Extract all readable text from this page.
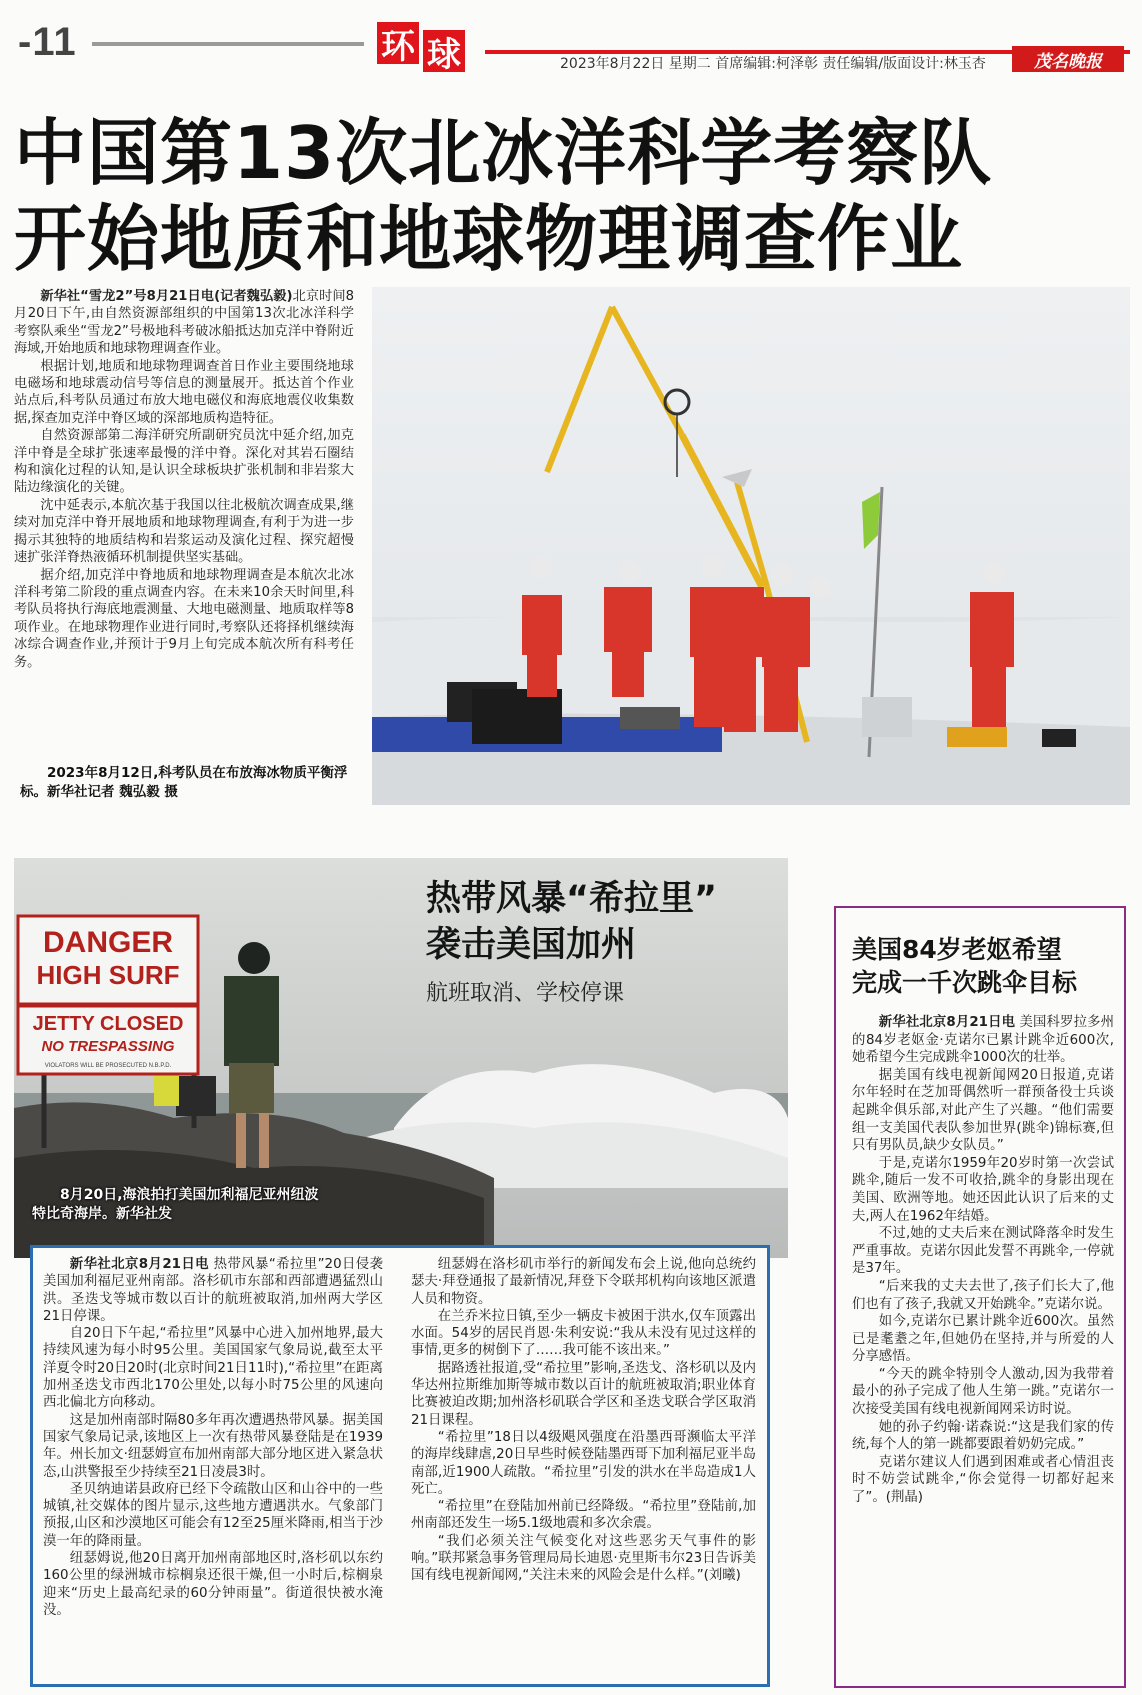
-11	环 球	2023年8月22日 星期二 首席编辑:柯泽彰 责任编辑/版面设计:林玉杏	茂名晚报
中国第13次北冰洋科学考察队
开始地质和地球物理调查作业

新华社“雪龙2”号8月21日电(记者魏弘毅)北京时间8月20日下午,由自然资源部组织的中国第13次北冰洋科学考察队乘坐“雪龙2”号极地科考破冰船抵达加克洋中脊附近海域,开始地质和地球物理调查作业。

根据计划,地质和地球物理调查首日作业主要围绕地球电磁场和地球震动信号等信息的测量展开。抵达首个作业站点后,科考队员通过布放大地电磁仪和海底地震仪收集数据,探查加克洋中脊区域的深部地质构造特征。

自然资源部第二海洋研究所副研究员沈中延介绍,加克洋中脊是全球扩张速率最慢的洋中脊。深化对其岩石圈结构和演化过程的认知,是认识全球板块扩张机制和非岩浆大陆边缘演化的关键。

沈中延表示,本航次基于我国以往北极航次调查成果,继续对加克洋中脊开展地质和地球物理调查,有利于为进一步揭示其独特的地质结构和岩浆运动及演化过程、探究超慢速扩张洋脊热液循环机制提供坚实基础。

据介绍,加克洋中脊地质和地球物理调查是本航次北冰洋科考第二阶段的重点调查内容。在未来10余天时间里,科考队员将执行海底地震测量、大地电磁测量、地质取样等8项作业。在地球物理作业进行同时,考察队还将择机继续海冰综合调查作业,并预计于9月上旬完成本航次所有科考任务。

2023年8月12日,科考队员在布放海冰物质平衡浮标。新华社记者 魏弘毅 摄
DANGER
HIGH SURF
JETTY CLOSED
NO TRESPASSING
VIOLATORS WILL BE PROSECUTED N.B.P.D.
热带风暴“希拉里”
袭击美国加州
航班取消、学校停课
8月20日,海浪拍打美国加利福尼亚州纽波特比奇海岸。新华社发

新华社北京8月21日电 热带风暴“希拉里”20日侵袭美国加利福尼亚州南部。洛杉矶市东部和西部遭遇猛烈山洪。圣迭戈等城市数以百计的航班被取消,加州两大学区21日停课。

自20日下午起,“希拉里”风暴中心进入加州地界,最大持续风速为每小时95公里。美国国家气象局说,截至太平洋夏令时20日20时(北京时间21日11时),“希拉里”在距离加州圣迭戈市西北170公里处,以每小时75公里的风速向西北偏北方向移动。

这是加州南部时隔80多年再次遭遇热带风暴。据美国国家气象局记录,该地区上一次有热带风暴登陆是在1939年。州长加文·纽瑟姆宣布加州南部大部分地区进入紧急状态,山洪警报至少持续至21日凌晨3时。

圣贝纳迪诺县政府已经下令疏散山区和山谷中的一些城镇,社交媒体的图片显示,这些地方遭遇洪水。气象部门预报,山区和沙漠地区可能会有12至25厘米降雨,相当于沙漠一年的降雨量。

纽瑟姆说,他20日离开加州南部地区时,洛杉矶以东约160公里的绿洲城市棕榈泉还很干燥,但一小时后,棕榈泉迎来“历史上最高纪录的60分钟雨量”。街道很快被水淹没。

纽瑟姆在洛杉矶市举行的新闻发布会上说,他向总统约瑟夫·拜登通报了最新情况,拜登下令联邦机构向该地区派遣人员和物资。

在兰乔米拉日镇,至少一辆皮卡被困于洪水,仅车顶露出水面。54岁的居民肖恩·朱利安说:“我从未没有见过这样的事情,更多的树倒下了……我可能不该出来。”

据路透社报道,受“希拉里”影响,圣迭戈、洛杉矶以及内华达州拉斯维加斯等城市数以百计的航班被取消;职业体育比赛被迫改期;加州洛杉矶联合学区和圣迭戈联合学区取消21日课程。

“希拉里”18日以4级飓风强度在沿墨西哥濒临太平洋的海岸线肆虐,20日早些时候登陆墨西哥下加利福尼亚半岛南部,近1900人疏散。“希拉里”引发的洪水在半岛造成1人死亡。

“希拉里”在登陆加州前已经降级。“希拉里”登陆前,加州南部还发生一场5.1级地震和多次余震。

“我们必须关注气候变化对这些恶劣天气事件的影响。”联邦紧急事务管理局局长迪恩·克里斯韦尔23日告诉美国有线电视新闻网,“关注未来的风险会是什么样。”(刘曦)

美国84岁老妪希望
完成一千次跳伞目标

新华社北京8月21日电 美国科罗拉多州的84岁老妪金·克诺尔已累计跳伞近600次,她希望今生完成跳伞1000次的壮举。

据美国有线电视新闻网20日报道,克诺尔年轻时在芝加哥偶然听一群预备役士兵谈起跳伞俱乐部,对此产生了兴趣。“他们需要组一支美国代表队参加世界(跳伞)锦标赛,但只有男队员,缺少女队员。”

于是,克诺尔1959年20岁时第一次尝试跳伞,随后一发不可收拾,跳伞的身影出现在美国、欧洲等地。她还因此认识了后来的丈夫,两人在1962年结婚。

不过,她的丈夫后来在测试降落伞时发生严重事故。克诺尔因此发誓不再跳伞,一停就是37年。

“后来我的丈夫去世了,孩子们长大了,他们也有了孩子,我就又开始跳伞。”克诺尔说。

如今,克诺尔已累计跳伞近600次。虽然已是耄耋之年,但她仍在坚持,并与所爱的人分享感悟。

“今天的跳伞特别令人激动,因为我带着最小的孙子完成了他人生第一跳。”克诺尔一次接受美国有线电视新闻网采访时说。

她的孙子约翰·诺森说:“这是我们家的传统,每个人的第一跳都要跟着奶奶完成。”

克诺尔建议人们遇到困难或者心情沮丧时不妨尝试跳伞,“你会觉得一切都好起来了”。(荆晶)
